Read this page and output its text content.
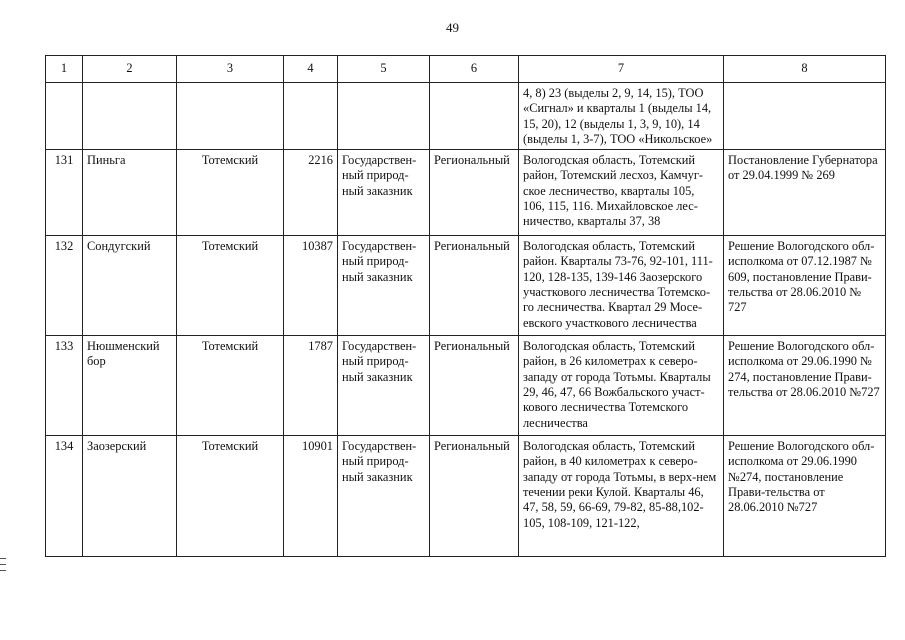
49
1	2	3	4	5	6	7	8
						4, 8) 23 (выделы 2, 9, 14, 15), ТОО «Сигнал» и кварталы 1 (выделы 14, 15, 20), 12 (выделы 1, 3, 9, 10), 14 (выделы 1, 3-7), ТОО «Никольское»	
131	Пиньга	Тотемский	2216	Государствен-ный природ-ный заказник	Региональный	Вологодская область, Тотемский район, Тотемский лесхоз, Камчуг-ское лесничество, кварталы 105, 106, 115, 116. Михайловское лес-ничество, кварталы 37, 38	Постановление Губернатора от 29.04.1999 № 269
132	Сондугский	Тотемский	10387	Государствен-ный природ-ный заказник	Региональный	Вологодская область, Тотемский район. Кварталы 73-76, 92-101, 111-120, 128-135, 139-146 Заозерского участкового лесничества Тотемско-го лесничества. Квартал 29 Мосе-евского участкового лесничества	Решение Вологодского обл-исполкома от 07.12.1987 № 609, постановление Прави-тельства от 28.06.2010 № 727
133	Нюшменский бор	Тотемский	1787	Государствен-ный природ-ный заказник	Региональный	Вологодская область, Тотемский район, в 26 километрах к северо-западу от города Тотьмы. Кварталы 29, 46, 47, 66 Вожбальского участ-кового лесничества Тотемского лесничества	Решение Вологодского обл-исполкома от 29.06.1990 № 274, постановление Прави-тельства от 28.06.2010 №727
134	Заозерский	Тотемский	10901	Государствен-ный природ-ный заказник	Региональный	Вологодская область, Тотемский район, в 40 километрах к северо-западу от города Тотьмы, в верх-нем течении реки Кулой. Кварталы 46, 47, 58, 59, 66-69, 79-82, 85-88,102-105, 108-109, 121-122,	Решение Вологодского обл-исполкома от 29.06.1990 №274, постановление Прави-тельства от 28.06.2010 №727
